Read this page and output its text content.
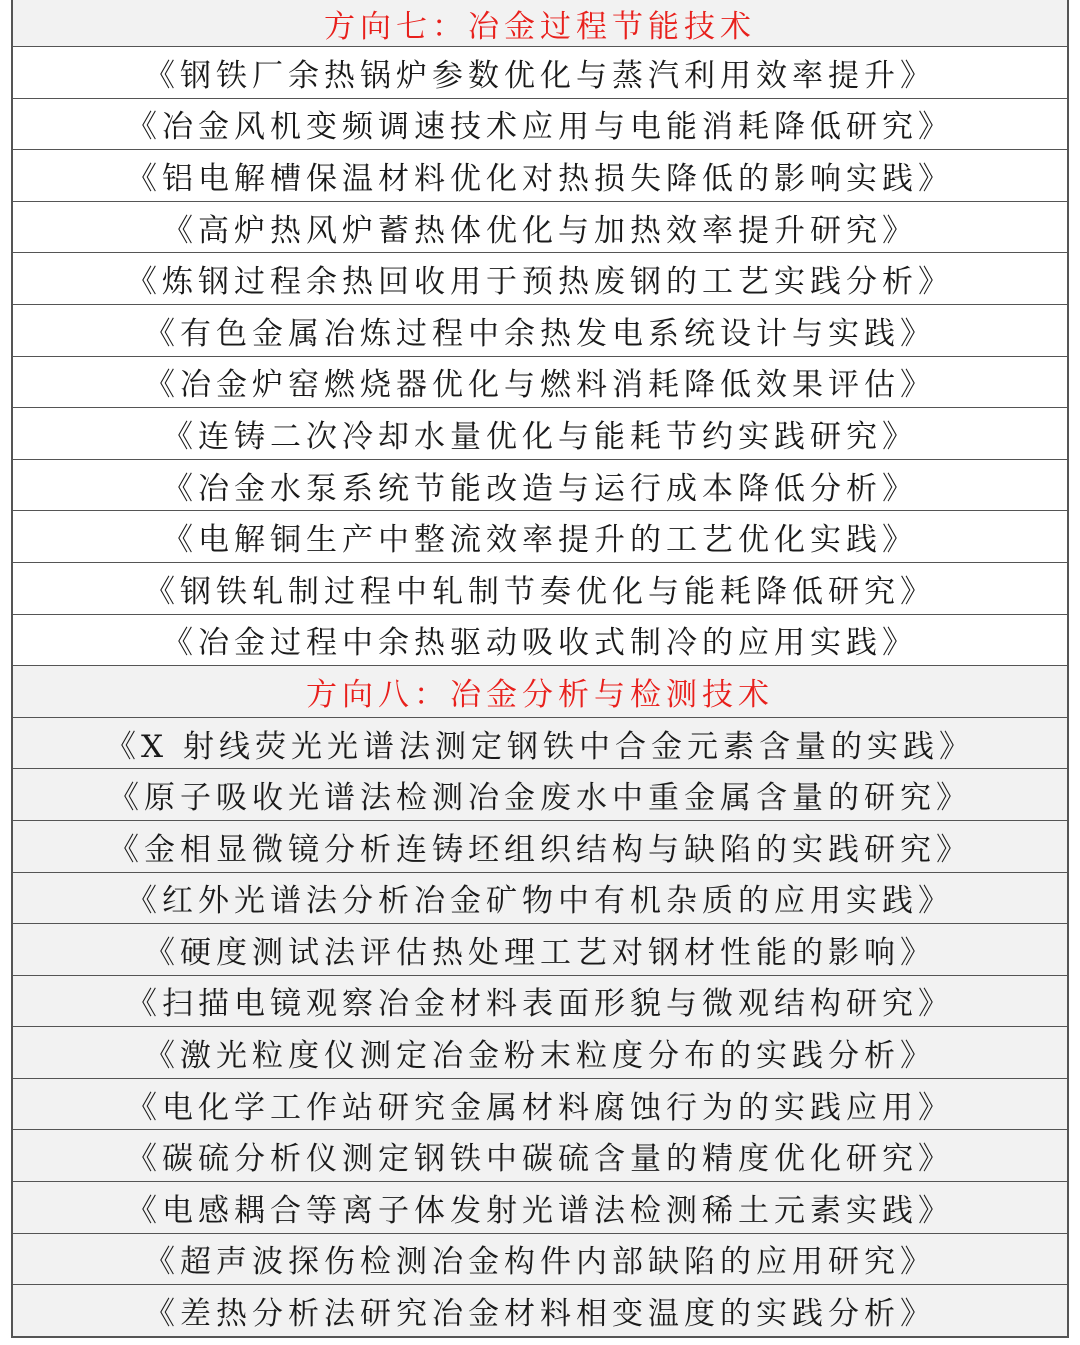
方向七：冶金过程节能技术
《钢铁厂余热锅炉参数优化与蒸汽利用效率提升》
《冶金风机变频调速技术应用与电能消耗降低研究》
《铝电解槽保温材料优化对热损失降低的影响实践》
《高炉热风炉蓄热体优化与加热效率提升研究》
《炼钢过程余热回收用于预热废钢的工艺实践分析》
《有色金属冶炼过程中余热发电系统设计与实践》
《冶金炉窑燃烧器优化与燃料消耗降低效果评估》
《连铸二次冷却水量优化与能耗节约实践研究》
《冶金水泵系统节能改造与运行成本降低分析》
《电解铜生产中整流效率提升的工艺优化实践》
《钢铁轧制过程中轧制节奏优化与能耗降低研究》
《冶金过程中余热驱动吸收式制冷的应用实践》
方向八：冶金分析与检测技术
《X 射线荧光光谱法测定钢铁中合金元素含量的实践》
《原子吸收光谱法检测冶金废水中重金属含量的研究》
《金相显微镜分析连铸坯组织结构与缺陷的实践研究》
《红外光谱法分析冶金矿物中有机杂质的应用实践》
《硬度测试法评估热处理工艺对钢材性能的影响》
《扫描电镜观察冶金材料表面形貌与微观结构研究》
《激光粒度仪测定冶金粉末粒度分布的实践分析》
《电化学工作站研究金属材料腐蚀行为的实践应用》
《碳硫分析仪测定钢铁中碳硫含量的精度优化研究》
《电感耦合等离子体发射光谱法检测稀土元素实践》
《超声波探伤检测冶金构件内部缺陷的应用研究》
《差热分析法研究冶金材料相变温度的实践分析》
